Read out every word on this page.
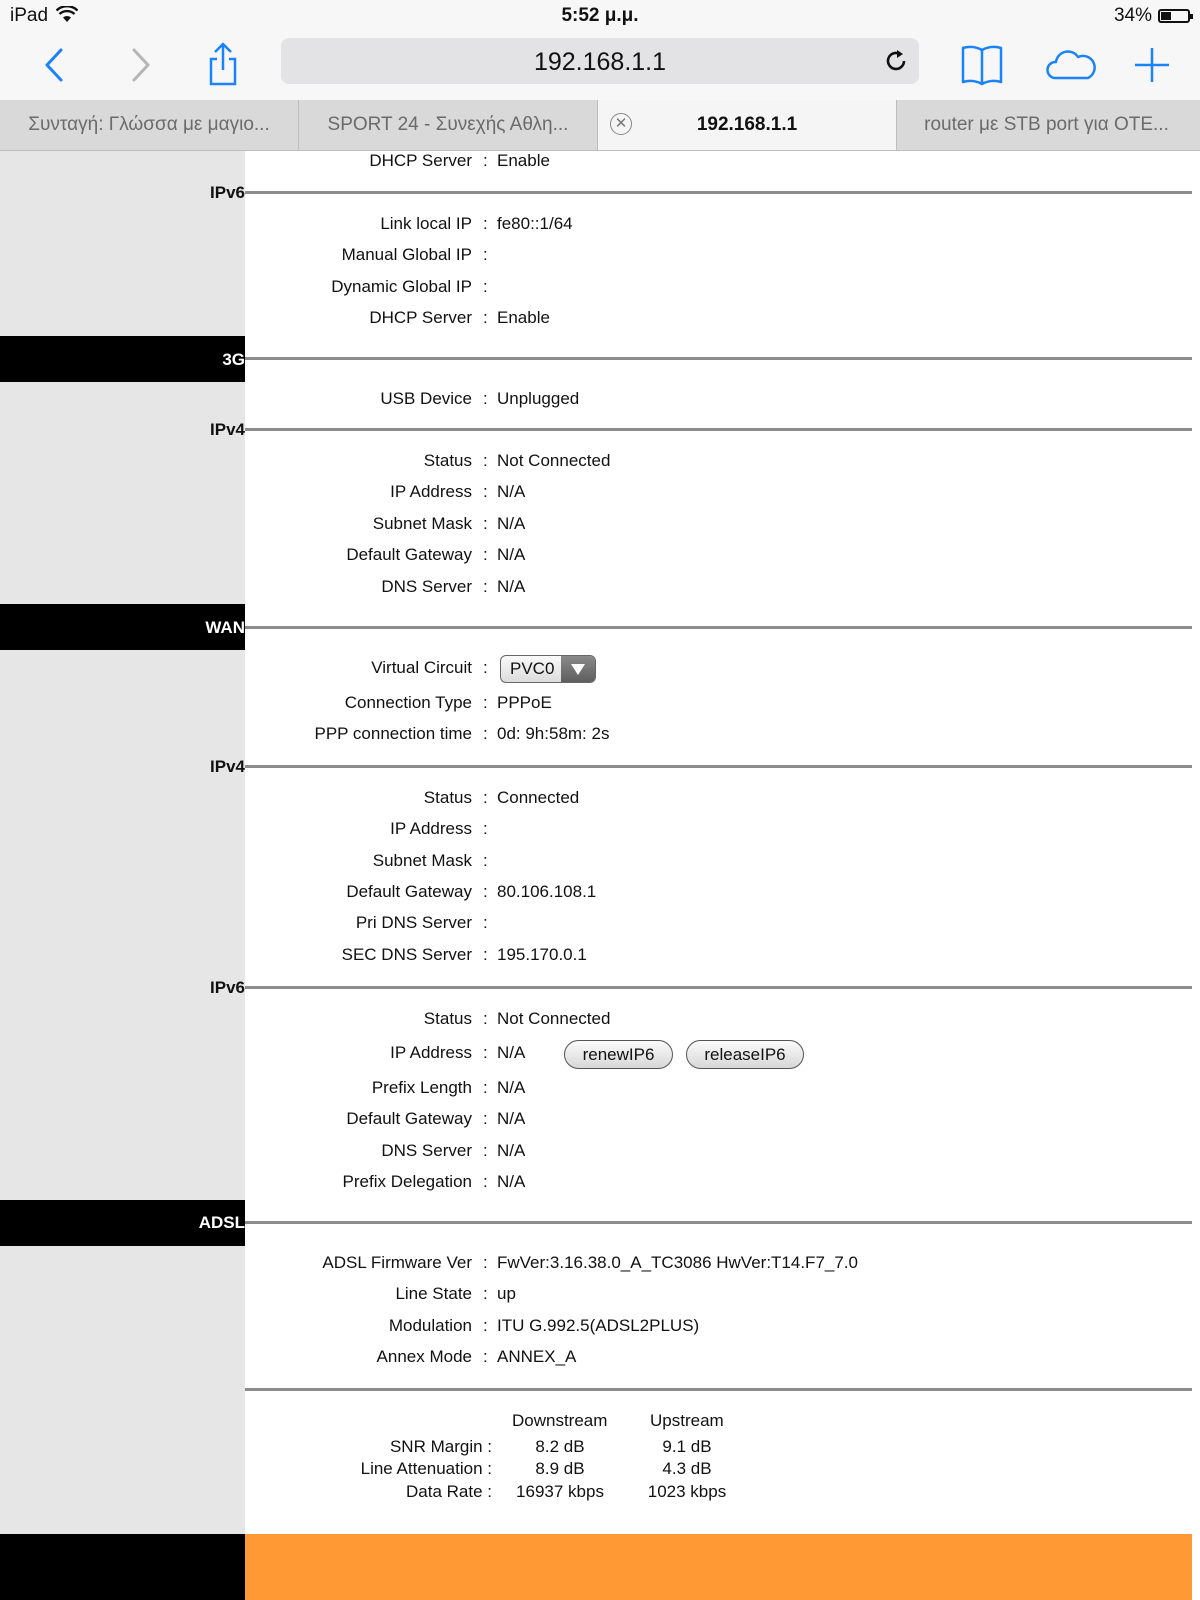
iPad	5:52 μ.μ.	34%
192.168.1.1
Συνταγή: Γλώσσα με μαγιο...	SPORT 24 - Συνεχής Αθλη...	✕	192.168.1.1	router με STB port για ΟΤΕ...
DHCP Server : Enable
IPv6
Link local IP : fe80::1/64
Manual Global IP :
Dynamic Global IP :
DHCP Server : Enable
3G
USB Device : Unplugged
IPv4
Status : Not Connected
IP Address : N/A
Subnet Mask : N/A
Default Gateway : N/A
DNS Server : N/A
WAN
Virtual Circuit : PVC0
Connection Type : PPPoE
PPP connection time : 0d: 9h:58m: 2s
IPv4
Status : Connected
IP Address :
Subnet Mask :
Default Gateway : 80.106.108.1
Pri DNS Server :
SEC DNS Server : 195.170.0.1
IPv6
Status : Not Connected
IP Address : N/A
Prefix Length : N/A
Default Gateway : N/A
DNS Server : N/A
Prefix Delegation : N/A
renewIP6	releaseIP6
ADSL
ADSL Firmware Ver : FwVer:3.16.38.0_A_TC3086 HwVer:T14.F7_7.0
Line State : up
Modulation : ITU G.992.5(ADSL2PLUS)
Annex Mode : ANNEX_A
Downstream	Upstream
SNR Margin :	8.2 dB	9.1 dB
Line Attenuation :	8.9 dB	4.3 dB
Data Rate :	16937 kbps	1023 kbps
